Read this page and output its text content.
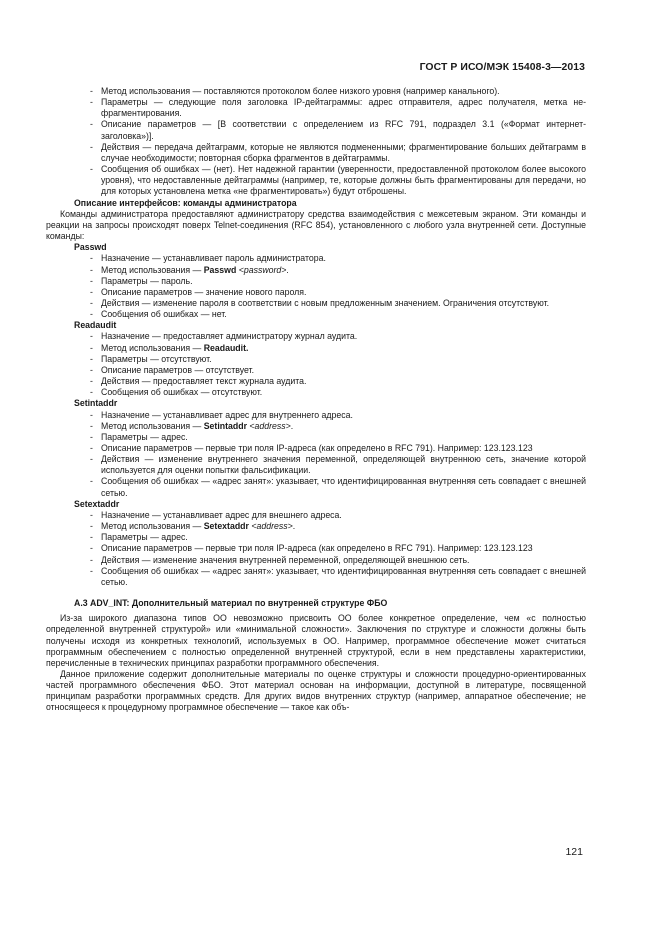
ГОСТ Р ИСО/МЭК 15408-3—2013
- Метод использования — поставляются протоколом более низкого уровня (например канального).
- Параметры — следующие поля заголовка IP-дейтаграммы: адрес отправителя, адрес получателя, метка не-фрагментирования.
- Описание параметров — [В соответствии с определением из RFC 791, подраздел 3.1 («Формат интернет-заголовка»)].
- Действия — передача дейтаграмм, которые не являются подмененными; фрагментирование больших дейтаграмм в случае необходимости; повторная сборка фрагментов в дейтаграммы.
- Сообщения об ошибках — (нет). Нет надежной гарантии (уверенности, предоставленной протоколом более высокого уровня), что недоставленные дейтаграммы (например, те, которые должны быть фрагментированы для передачи, но для которых установлена метка «не фрагментировать») будут отброшены.
Описание интерфейсов: команды администратора
Команды администратора предоставляют администратору средства взаимодействия с межсетевым экраном. Эти команды и реакции на запросы происходят поверх Telnet-соединения (RFC 854), установленного с любого узла внутренней сети. Доступные команды:
Passwd
- Назначение — устанавливает пароль администратора.
- Метод использования — Passwd <password>.
- Параметры — пароль.
- Описание параметров — значение нового пароля.
- Действия — изменение пароля в соответствии с новым предложенным значением. Ограничения отсутствуют.
- Сообщения об ошибках — нет.
Readaudit
- Назначение — предоставляет администратору журнал аудита.
- Метод использования — Readaudit.
- Параметры — отсутствуют.
- Описание параметров — отсутствует.
- Действия — предоставляет текст журнала аудита.
- Сообщения об ошибках — отсутствуют.
Setintaddr
- Назначение — устанавливает адрес для внутреннего адреса.
- Метод использования — Setintaddr <address>.
- Параметры — адрес.
- Описание параметров — первые три поля IP-адреса (как определено в RFC 791). Например: 123.123.123
- Действия — изменение внутреннего значения переменной, определяющей внутреннюю сеть, значение которой используется для оценки попытки фальсификации.
- Сообщения об ошибках — «адрес занят»: указывает, что идентифицированная внутренняя сеть совпадает с внешней сетью.
Setextaddr
- Назначение — устанавливает адрес для внешнего адреса.
- Метод использования — Setextaddr <address>.
- Параметры — адрес.
- Описание параметров — первые три поля IP-адреса (как определено в RFC 791). Например: 123.123.123
- Действия — изменение значения внутренней переменной, определяющей внешнюю сеть.
- Сообщения об ошибках — «адрес занят»: указывает, что идентифицированная внутренняя сеть совпадает с внешней сетью.
А.3 ADV_INT: Дополнительный материал по внутренней структуре ФБО
Из-за широкого диапазона типов ОО невозможно присвоить ОО более конкретное определение, чем «с полностью определенной внутренней структурой» или «минимальной сложности». Заключения по структуре и сложности должны быть получены исходя из конкретных технологий, используемых в ОО. Например, программное обеспечение может считаться программным обеспечением с полностью определенной внутренней структурой, если в нем представлены характеристики, перечисленные в технических принципах разработки программного обеспечения.
Данное приложение содержит дополнительные материалы по оценке структуры и сложности процедурно-ориентированных частей программного обеспечения ФБО. Этот материал основан на информации, доступной в литературе, посвященной принципам разработки программных средств. Для других видов внутренних структур (например, аппаратное обеспечение; не относящееся к процедурному программное обеспечение — такое как объ-
121
